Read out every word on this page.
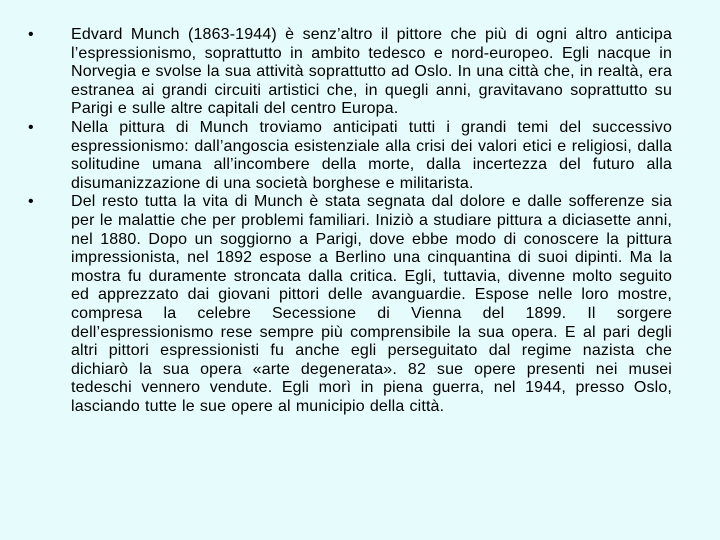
• Edvard Munch (1863-1944) è senz’altro il pittore che più di ogni altro anticipa l’espressionismo, soprattutto in ambito tedesco e nord-europeo. Egli nacque in Norvegia e svolse la sua attività soprattutto ad Oslo. In una città che, in realtà, era estranea ai grandi circuiti artistici che, in quegli anni, gravitavano soprattutto su Parigi e sulle altre capitali del centro Europa.
• Nella pittura di Munch troviamo anticipati tutti i grandi temi del successivo espressionismo: dall’angoscia esistenziale alla crisi dei valori etici e religiosi, dalla solitudine umana all’incombere della morte, dalla incertezza del futuro alla disumanizzazione di una società borghese e militarista.
• Del resto tutta la vita di Munch è stata segnata dal dolore e dalle sofferenze sia per le malattie che per problemi familiari. Iniziò a studiare pittura a diciasette anni, nel 1880. Dopo un soggiorno a Parigi, dove ebbe modo di conoscere la pittura impressionista, nel 1892 espose a Berlino una cinquantina di suoi dipinti. Ma la mostra fu duramente stroncata dalla critica. Egli, tuttavia, divenne molto seguito ed apprezzato dai giovani pittori delle avanguardie. Espose nelle loro mostre, compresa la celebre Secessione di Vienna del 1899. Il sorgere dell’espressionismo rese sempre più comprensibile la sua opera. E al pari degli altri pittori espressionisti fu anche egli perseguitato dal regime nazista che dichiarò la sua opera «arte degenerata». 82 sue opere presenti nei musei tedeschi vennero vendute. Egli morì in piena guerra, nel 1944, presso Oslo, lasciando tutte le sue opere al municipio della città.
